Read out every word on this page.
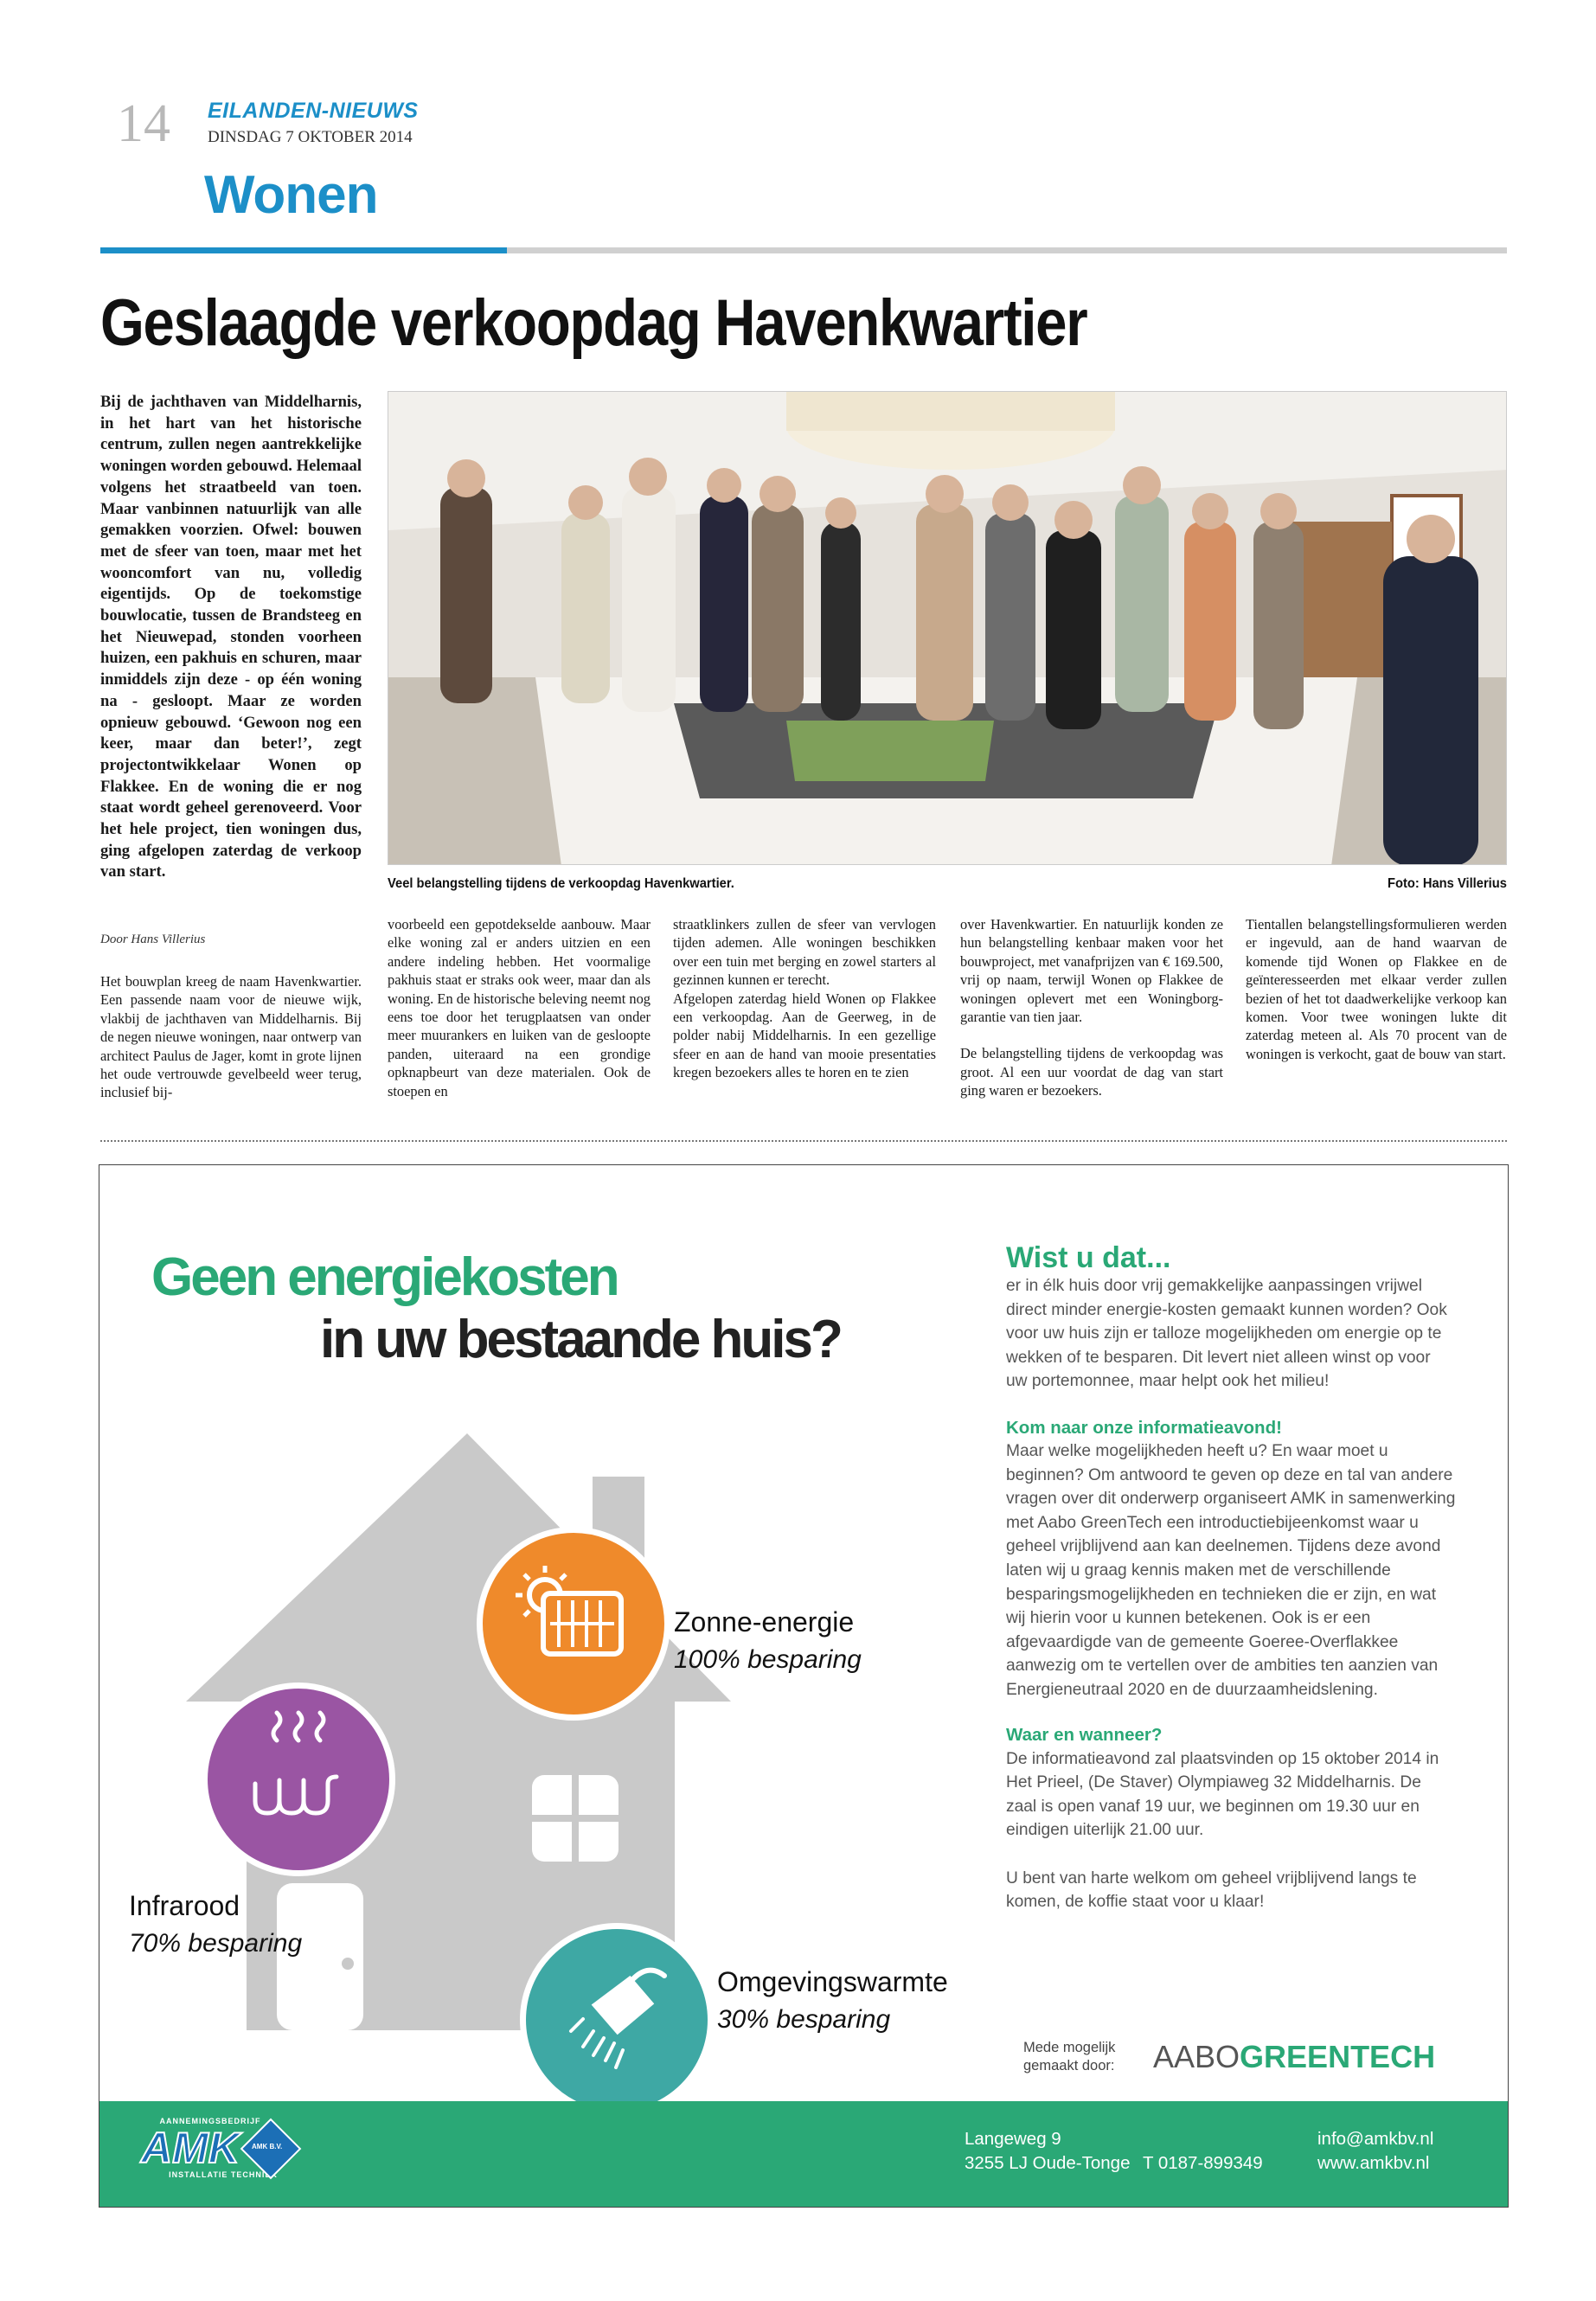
14 EILANDEN-NIEUWS
DINSDAG 7 OKTOBER 2014
Wonen
Geslaagde verkoopdag Havenkwartier
Bij de jachthaven van Middelharnis, in het hart van het historische centrum, zullen negen aantrekkelijke woningen worden gebouwd. Helemaal volgens het straatbeeld van toen. Maar vanbinnen natuurlijk van alle gemakken voorzien. Ofwel: bouwen met de sfeer van toen, maar met het wooncomfort van nu, volledig eigentijds. Op de toekomstige bouwlocatie, tussen de Brandsteeg en het Nieuwepad, stonden voorheen huizen, een pakhuis en schuren, maar inmiddels zijn deze - op één woning na - gesloopt. Maar ze worden opnieuw gebouwd. ‘Gewoon nog een keer, maar dan beter!’, zegt projectontwikkelaar Wonen op Flakkee. En de woning die er nog staat wordt geheel gerenoveerd. Voor het hele project, tien woningen dus, ging afgelopen zaterdag de verkoop van start.
Door Hans Villerius
Veel belangstelling tijdens de verkoopdag Havenkwartier.	Foto: Hans Villerius

Het bouwplan kreeg de naam Havenkwartier. Een passende naam voor de nieuwe wijk, vlakbij de jachthaven van Middelharnis. Bij de negen nieuwe woningen, naar ontwerp van architect Paulus de Jager, komt in grote lijnen het oude vertrouwde gevelbeeld weer terug, inclusief bij-

voorbeeld een gepotdekselde aanbouw. Maar elke woning zal er anders uitzien en een andere indeling hebben. Het voormalige pakhuis staat er straks ook weer, maar dan als woning. En de historische beleving neemt nog eens toe door het terugplaatsen van onder meer muurankers en luiken van de gesloopte panden, uiteraard na een grondige opknapbeurt van deze materialen. Ook de stoepen en

straatklinkers zullen de sfeer van vervlogen tijden ademen. Alle woningen beschikken over een tuin met berging en zowel starters al gezinnen kunnen er terecht.

Afgelopen zaterdag hield Wonen op Flakkee een verkoopdag. Aan de Geerweg, in de polder nabij Middelharnis. In een gezellige sfeer en aan de hand van mooie presentaties kregen bezoekers alles te horen en te zien

over Havenkwartier. En natuurlijk konden ze hun belangstelling kenbaar maken voor het bouwproject, met vanafprijzen van € 169.500, vrij op naam, terwijl Wonen op Flakkee de woningen oplevert met een Woningborg-garantie van tien jaar.

De belangstelling tijdens de verkoopdag was groot. Al een uur voordat de dag van start ging waren er bezoekers.

Tientallen belangstellingsformulieren werden er ingevuld, aan de hand waarvan de komende tijd Wonen op Flakkee en de geïnteresseerden met elkaar verder zullen bezien of het tot daadwerkelijke verkoop kan komen. Voor twee woningen lukte dit zaterdag meteen al. Als 70 procent van de woningen is verkocht, gaat de bouw van start.

Geen energiekosten
in uw bestaande huis?
Zonne-energie
100% besparing
Infrarood
70% besparing
Omgevingswarmte
30% besparing
Wist u dat...
er in élk huis door vrij gemakkelijke aanpassingen vrijwel direct minder energie-kosten gemaakt kunnen worden? Ook voor uw huis zijn er talloze mogelijkheden om energie op te wekken of te besparen. Dit levert niet alleen winst op voor uw portemonnee, maar helpt ook het milieu!
Kom naar onze informatieavond!
Maar welke mogelijkheden heeft u? En waar moet u beginnen? Om antwoord te geven op deze en tal van andere vragen over dit onderwerp organiseert AMK in samenwerking met Aabo GreenTech een introductiebijeenkomst waar u geheel vrijblijvend aan kan deelnemen. Tijdens deze avond laten wij u graag kennis maken met de verschillende besparingsmogelijkheden en technieken die er zijn, en wat wij hierin voor u kunnen betekenen. Ook is er een afgevaardigde van de gemeente Goeree-Overflakkee aanwezig om te vertellen over de ambities ten aanzien van Energieneutraal 2020 en de duurzaamheidslening.
Waar en wanneer?
De informatieavond zal plaatsvinden op 15 oktober 2014 in Het Prieel, (De Staver) Olympiaweg 32 Middelharnis. De zaal is open vanaf 19 uur, we beginnen om 19.30 uur en eindigen uiterlijk 21.00 uur.
U bent van harte welkom om geheel vrijblijvend langs te komen, de koffie staat voor u klaar!
Mede mogelijk gemaakt door:	AABOGREENTECH
AANNEMINGSBEDRIJF
AMK	AMK B.V.
INSTALLATIE TECHNIEK
Langeweg 9
3255 LJ Oude-Tonge T 0187-899349
info@amkbv.nl
www.amkbv.nl
